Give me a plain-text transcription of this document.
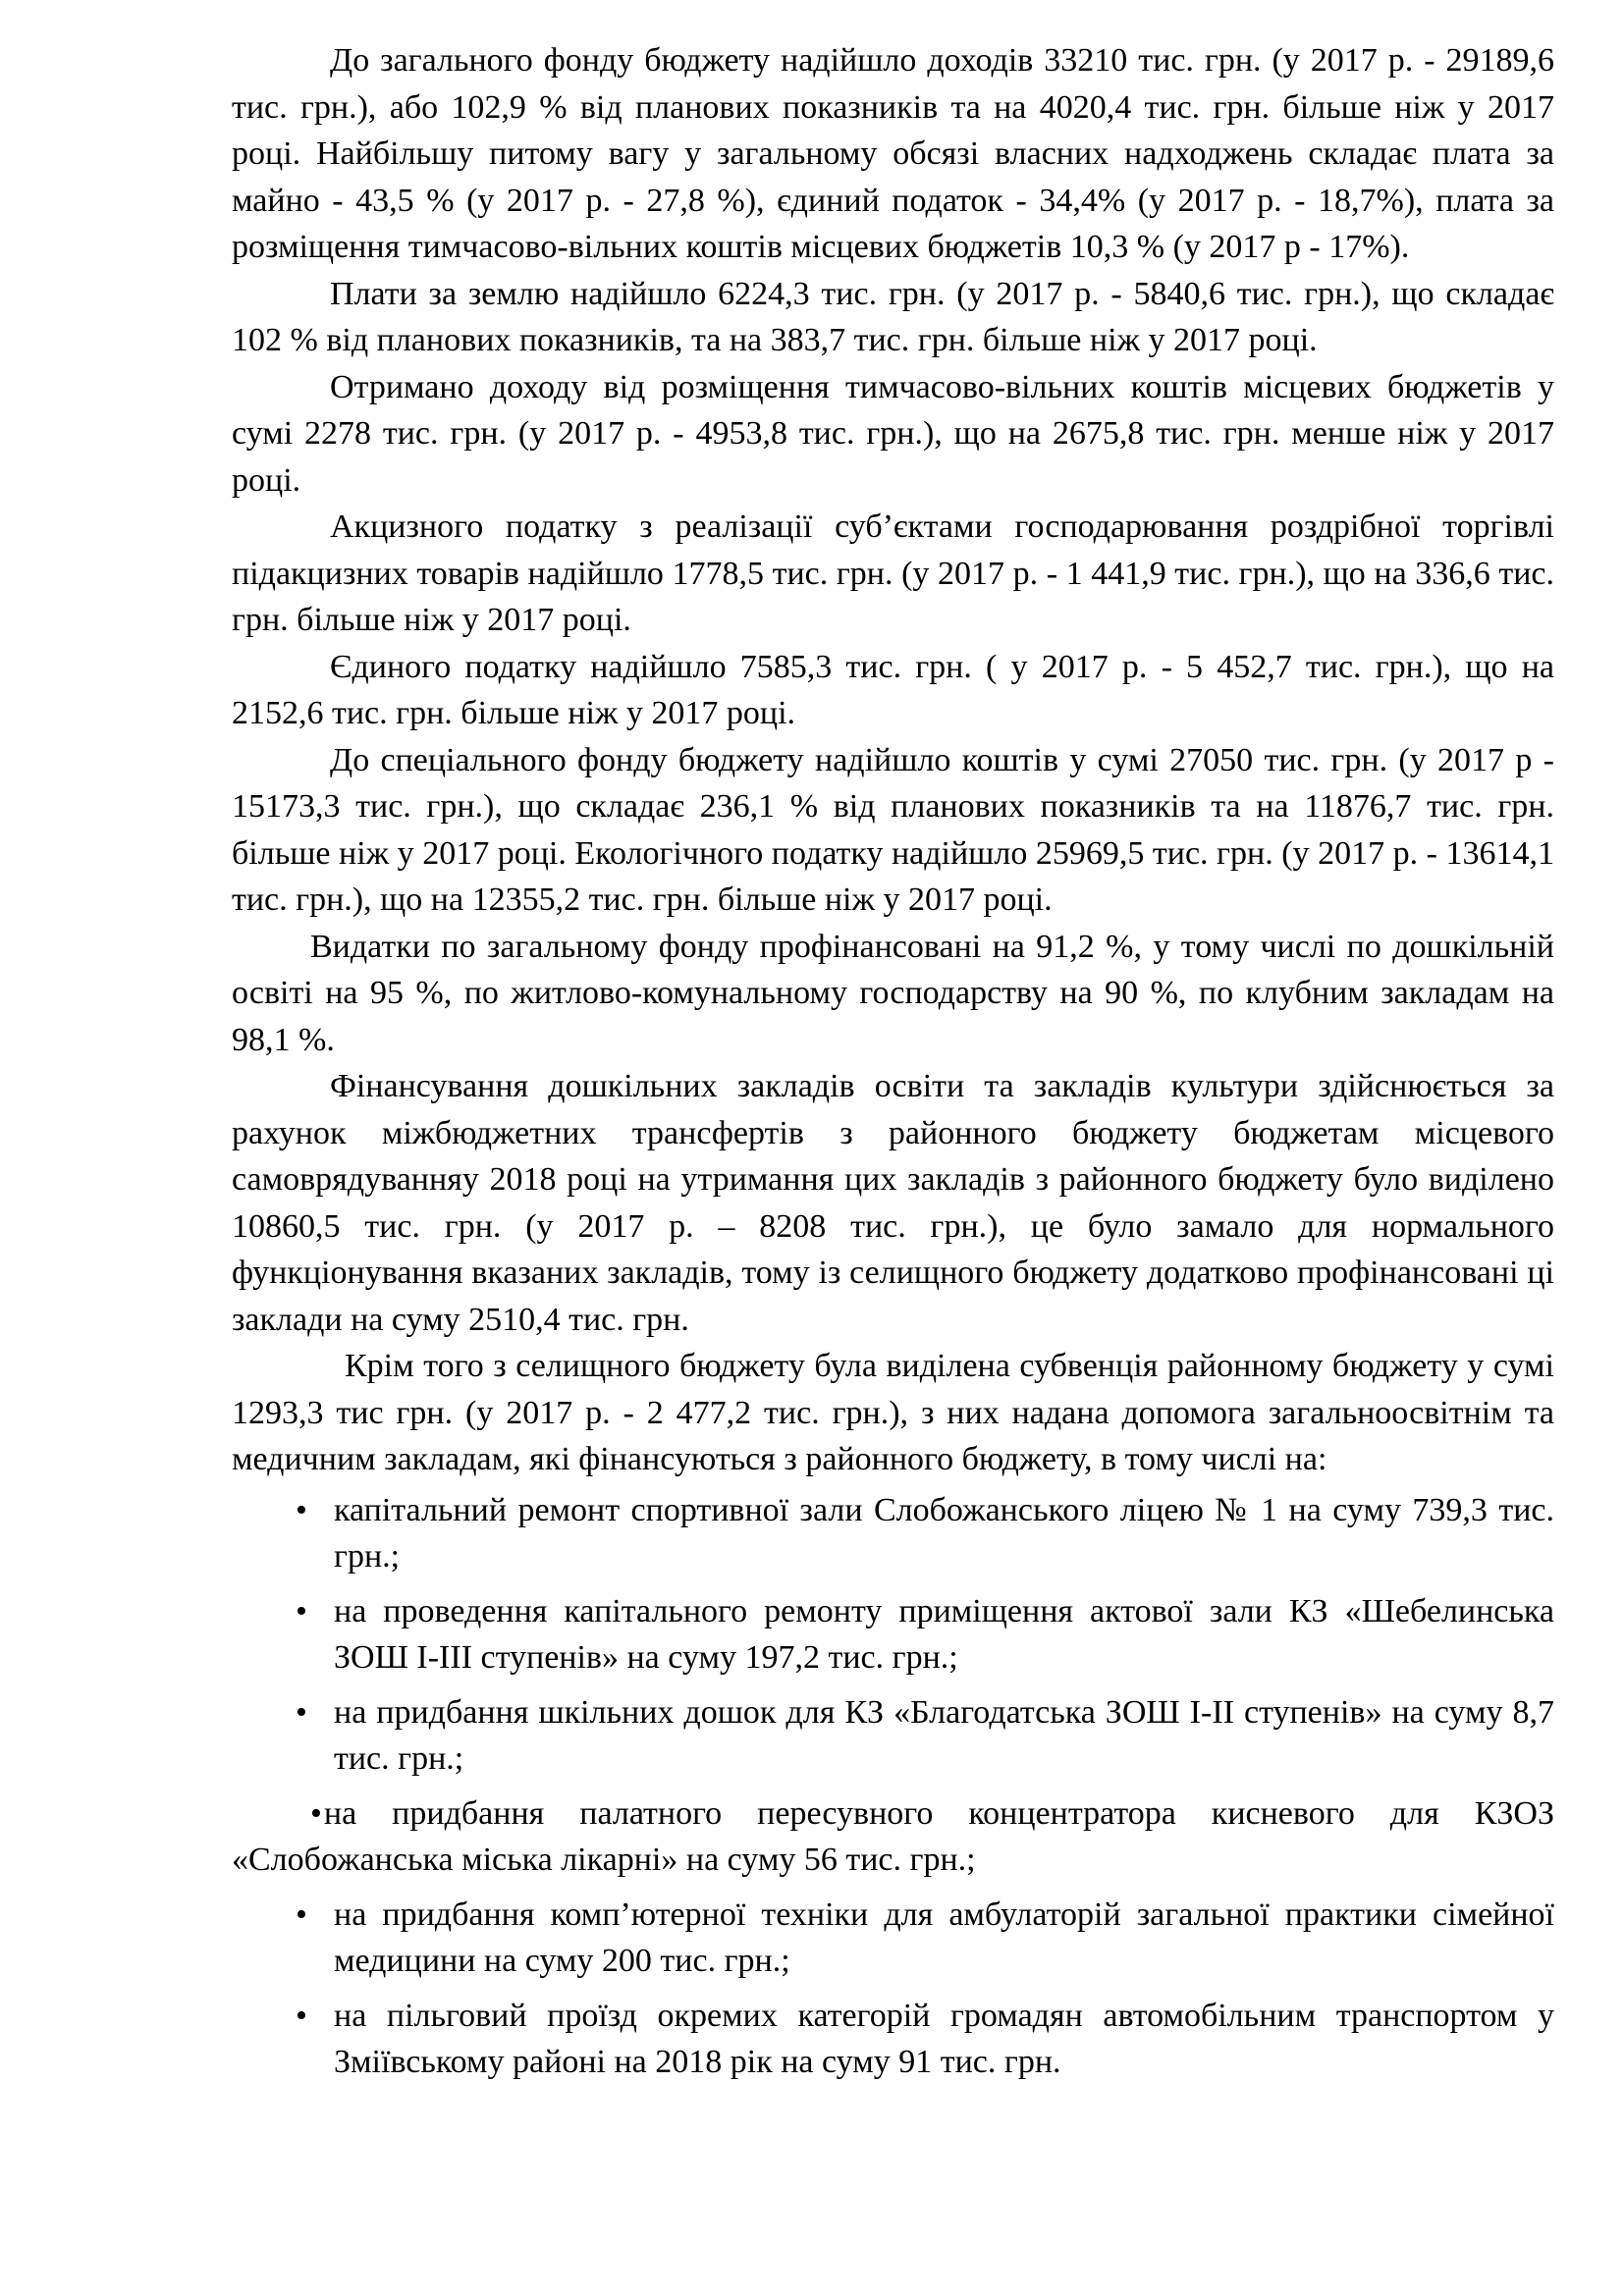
До загального фонду бюджету надійшло доходів 33210 тис. грн. (у 2017 р. - 29189,6 тис. грн.), або 102,9 % від планових показників та на 4020,4 тис. грн. більше ніж у 2017 році. Найбільшу питому вагу у загальному обсязі власних надходжень складає плата за майно - 43,5 % (у 2017 р. - 27,8 %), єдиний податок - 34,4% (у 2017 р. - 18,7%), плата за розміщення тимчасово-вільних коштів місцевих бюджетів 10,3 % (у 2017 р - 17%).

Плати за землю надійшло 6224,3 тис. грн. (у 2017 р. - 5840,6 тис. грн.), що складає 102 % від планових показників, та на 383,7 тис. грн. більше ніж у 2017 році.

Отримано доходу від розміщення тимчасово-вільних коштів місцевих бюджетів у сумі 2278 тис. грн. (у 2017 р. - 4953,8 тис. грн.), що на 2675,8 тис. грн. менше ніж у 2017 році.

Акцизного податку з реалізації суб’єктами господарювання роздрібної торгівлі підакцизних товарів надійшло 1778,5 тис. грн. (у 2017 р. - 1 441,9 тис. грн.), що на 336,6 тис. грн. більше ніж у 2017 році.

Єдиного податку надійшло 7585,3 тис. грн. ( у 2017 р. - 5 452,7 тис. грн.), що на 2152,6 тис. грн. більше ніж у 2017 році.

До спеціального фонду бюджету надійшло коштів у сумі 27050 тис. грн. (у 2017 р - 15173,3 тис. грн.), що складає 236,1 % від планових показників та на 11876,7 тис. грн. більше ніж у 2017 році. Екологічного податку надійшло 25969,5 тис. грн. (у 2017 р. - 13614,1 тис. грн.), що на 12355,2 тис. грн. більше ніж у 2017 році.

Видатки по загальному фонду профінансовані на 91,2 %, у тому числі по дошкільній освіті на 95 %, по житлово-комунальному господарству на 90 %, по клубним закладам на 98,1 %.

Фінансування дошкільних закладів освіти та закладів культури здійснюється за рахунок міжбюджетних трансфертів з районного бюджету бюджетам місцевого самоврядуванняу 2018 році на утримання цих закладів з районного бюджету було виділено 10860,5 тис. грн. (у 2017 р. – 8208 тис. грн.), це було замало для нормального функціонування вказаних закладів, тому із селищного бюджету додатково профінансовані ці заклади на суму 2510,4 тис. грн.

Крім того з селищного бюджету була виділена субвенція районному бюджету у сумі 1293,3 тис грн. (у 2017 р. - 2 477,2 тис. грн.), з них надана допомога загальноосвітнім та медичним закладам, які фінансуються з районного бюджету, в тому числі на:

• капітальний ремонт спортивної зали Слобожанського ліцею № 1 на суму 739,3 тис. грн.;
• на проведення капітального ремонту приміщення актової зали КЗ «Шебелинська ЗОШ І-ІІІ ступенів» на суму 197,2 тис. грн.;
• на придбання шкільних дошок для КЗ «Благодатська ЗОШ І-ІІ ступенів» на суму 8,7 тис. грн.;
•на придбання палатного пересувного концентратора кисневого для КЗОЗ «Слобожанська міська лікарні» на суму 56 тис. грн.;
• на придбання комп’ютерної техніки для амбулаторій загальної практики сімейної медицини на суму 200 тис. грн.;
• на пільговий проїзд окремих категорій громадян автомобільним транспортом у Зміївському районі на 2018 рік на суму 91 тис. грн.
